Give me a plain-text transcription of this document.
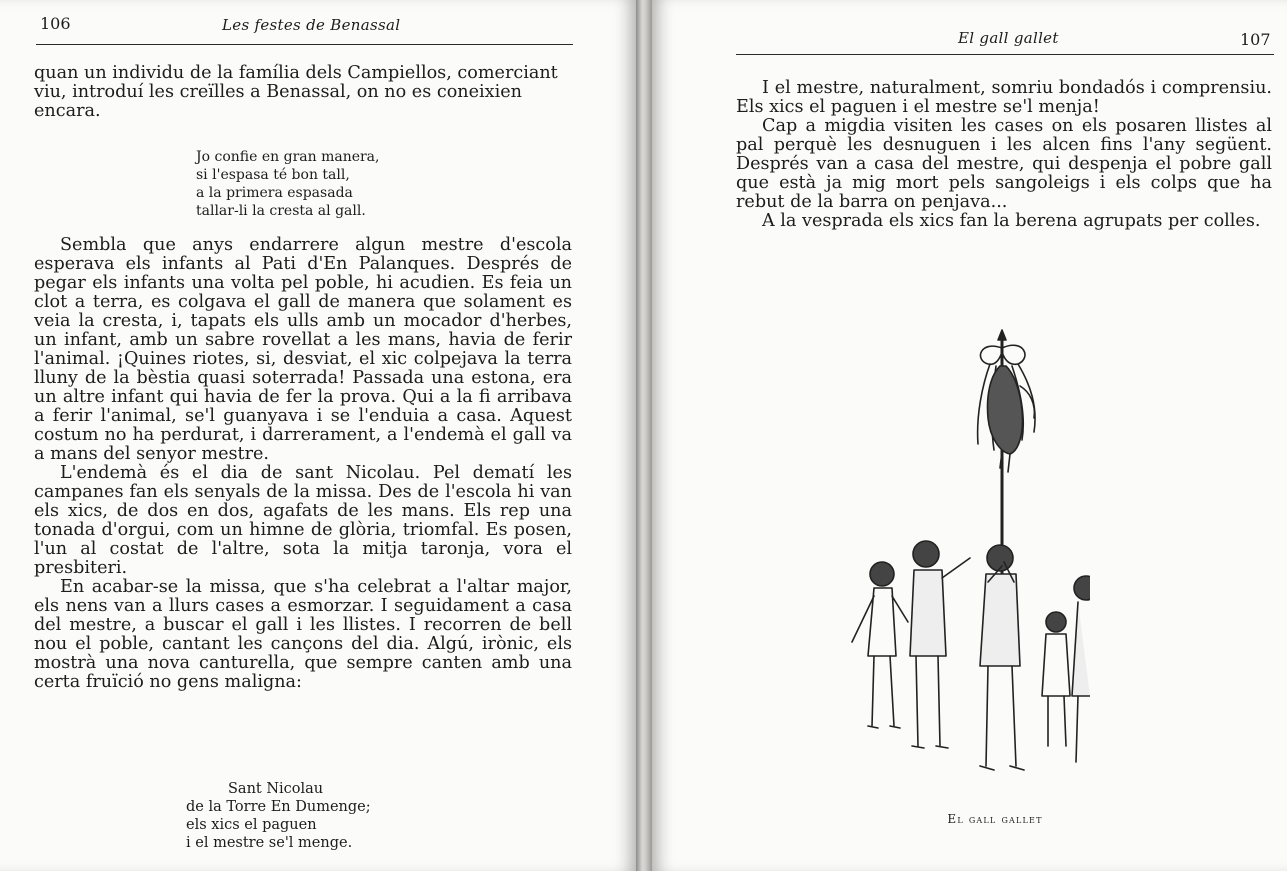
106	Les festes de Benassal

quan un individu de la família dels Campiellos, comerciant

viu, introduí les creïlles a Benassal, on no es coneixien

encara.

Jo confie en gran manera,
si l'espasa té bon tall,
a la primera espasada
tallar-li la cresta al gall.

Sembla que anys endarrere algun mestre d'escola esperava els infants al Pati d'En Palanques. Després de pegar els infants una volta pel poble, hi acudien. Es feia un clot a terra, es colgava el gall de manera que solament es veia la cresta, i, tapats els ulls amb un mocador d'herbes, un infant, amb un sabre rovellat a les mans, havia de ferir l'animal. ¡Quines riotes, si, desviat, el xic colpejava la terra lluny de la bèstia quasi soterrada! Passada una estona, era un altre infant qui havia de fer la prova. Qui a la fi arribava a ferir l'animal, se'l guanyava i se l'enduia a casa. Aquest costum no ha perdurat, i darrerament, a l'endemà el gall va a mans del senyor mestre.

L'endemà és el dia de sant Nicolau. Pel dematí les campanes fan els senyals de la missa. Des de l'escola hi van els xics, de dos en dos, agafats de les mans. Els rep una tonada d'orgui, com un himne de glòria, triomfal. Es posen, l'un al costat de l'altre, sota la mitja taronja, vora el presbiteri.

En acabar-se la missa, que s'ha celebrat a l'altar major, els nens van a llurs cases a esmorzar. I seguidament a casa del mestre, a buscar el gall i les llistes. I recorren de bell nou el poble, cantant les cançons del dia. Algú, irònic, els mostrà una nova canturella, que sempre canten amb una certa fruïció no gens maligna:

Sant Nicolau
de la Torre En Dumenge;
els xics el paguen
i el mestre se'l menge.
El gall gallet	107

I el mestre, naturalment, somriu bondadós i comprensiu. Els xics el paguen i el mestre se'l menja!

Cap a migdia visiten les cases on els posaren llistes al pal perquè les desnuguen i les alcen fins l'any següent. Després van a casa del mestre, qui despenja el pobre gall que està ja mig mort pels sangoleigs i els colps que ha rebut de la barra on penjava...

A la vesprada els xics fan la berena agrupats per colles.

El gall gallet
